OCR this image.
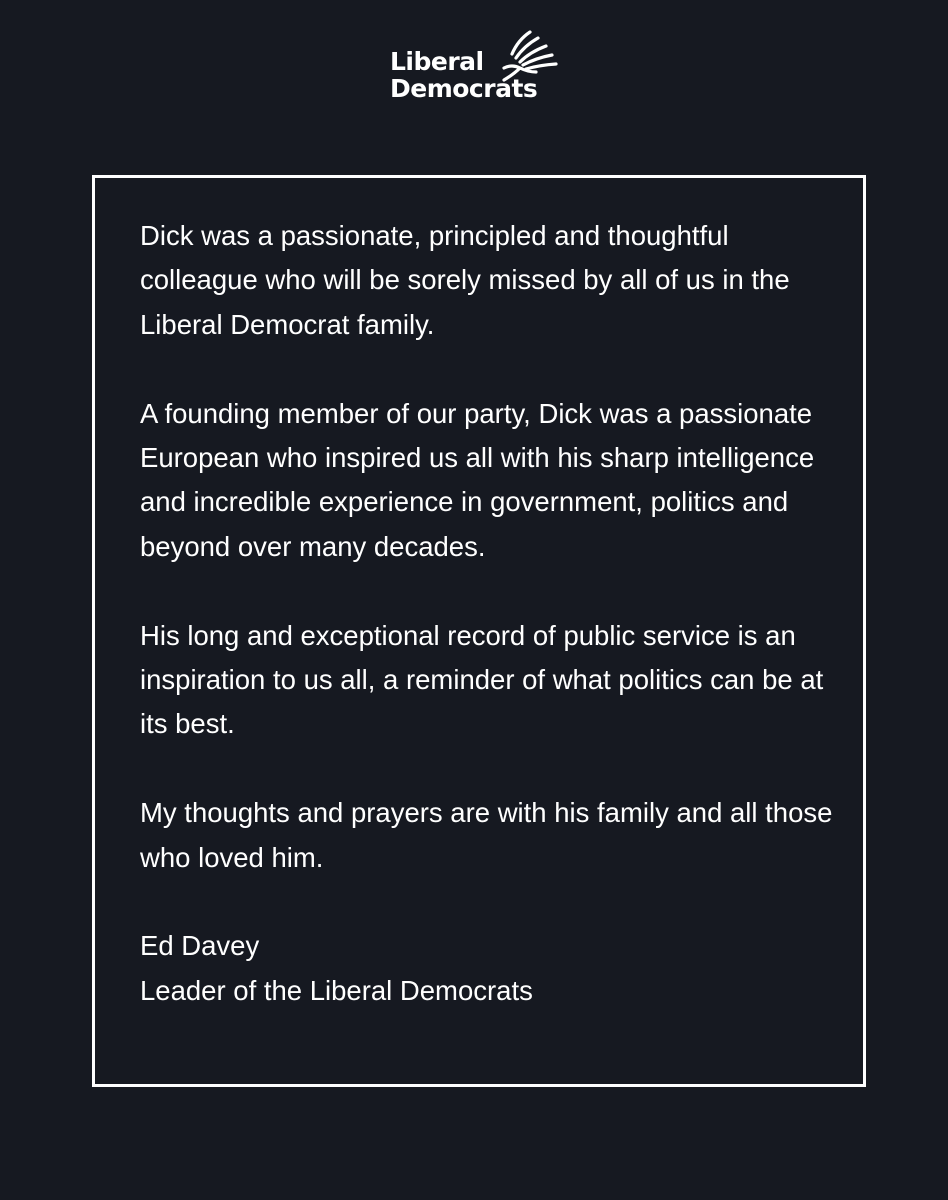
Liberal
Democrats

Dick was a passionate, principled and thoughtful colleague who will be sorely missed by all of us in the Liberal Democrat family.

A founding member of our party, Dick was a passionate European who inspired us all with his sharp intelligence and incredible experience in government, politics and beyond over many decades.

His long and exceptional record of public service is an inspiration to us all, a reminder of what politics can be at its best.

My thoughts and prayers are with his family and all those who loved him.

Ed Davey

Leader of the Liberal Democrats
